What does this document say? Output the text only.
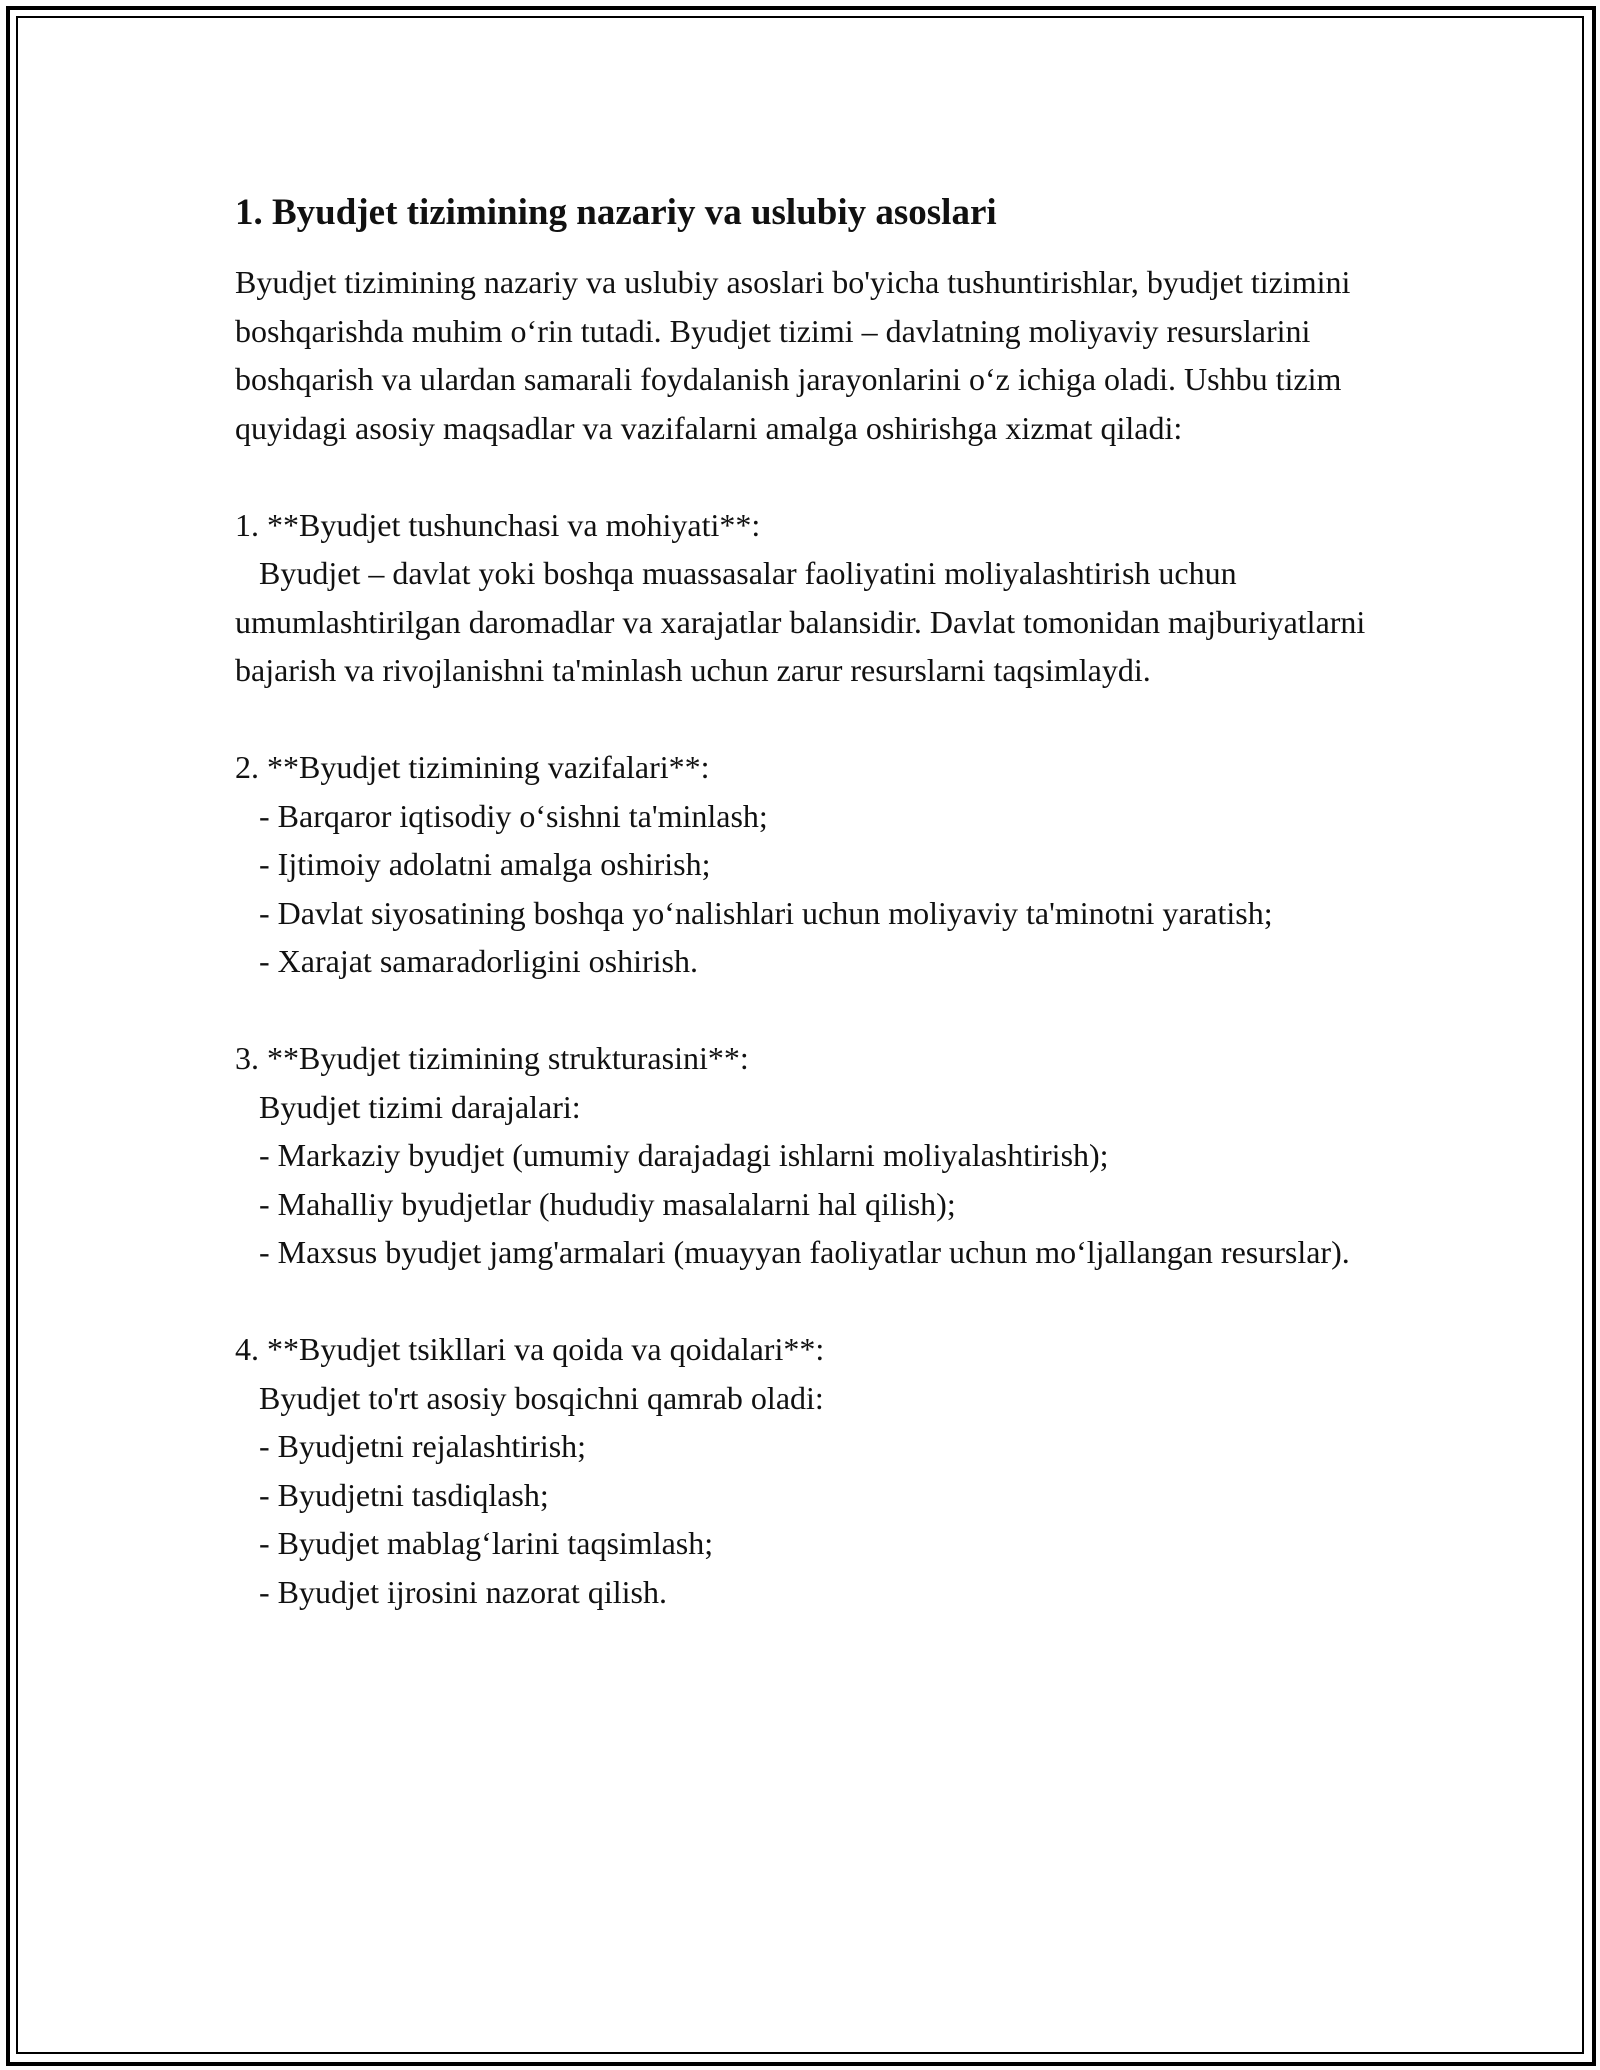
1. Byudjet tizimining nazariy va uslubiy asoslari

Byudjet tizimining nazariy va uslubiy asoslari bo'yicha tushuntirishlar, byudjet tizimini boshqarishda muhim o‘rin tutadi. Byudjet tizimi – davlatning moliyaviy resurslarini boshqarish va ulardan samarali foydalanish jarayonlarini o‘z ichiga oladi. Ushbu tizim quyidagi asosiy maqsadlar va vazifalarni amalga oshirishga xizmat qiladi:

1. **Byudjet tushunchasi va mohiyati**:

Byudjet – davlat yoki boshqa muassasalar faoliyatini moliyalashtirish uchun umumlashtirilgan daromadlar va xarajatlar balansidir. Davlat tomonidan majburiyatlarni bajarish va rivojlanishni ta'minlash uchun zarur resurslarni taqsimlaydi.

2. **Byudjet tizimining vazifalari**:

- Barqaror iqtisodiy o‘sishni ta'minlash;
- Ijtimoiy adolatni amalga oshirish;
- Davlat siyosatining boshqa yo‘nalishlari uchun moliyaviy ta'minotni yaratish;
- Xarajat samaradorligini oshirish.

3. **Byudjet tizimining strukturasini**:

Byudjet tizimi darajalari:
- Markaziy byudjet (umumiy darajadagi ishlarni moliyalashtirish);
- Mahalliy byudjetlar (hududiy masalalarni hal qilish);
- Maxsus byudjet jamg'armalari (muayyan faoliyatlar uchun mo‘ljallangan resurslar).

4. **Byudjet tsikllari va qoida va qoidalari**:

Byudjet to'rt asosiy bosqichni qamrab oladi:
- Byudjetni rejalashtirish;
- Byudjetni tasdiqlash;
- Byudjet mablag‘larini taqsimlash;
- Byudjet ijrosini nazorat qilish.
